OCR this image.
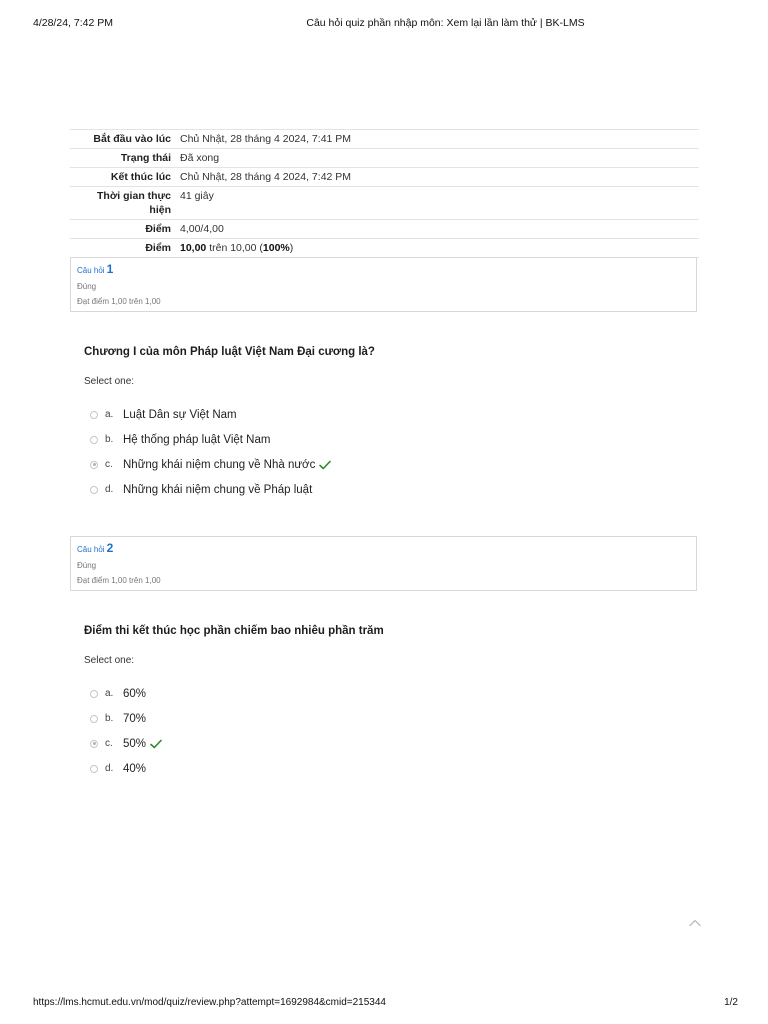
4/28/24, 7:42 PM	Câu hỏi quiz phần nhập môn: Xem lại lần làm thử | BK-LMS
Bắt đầu vào lúc	Chủ Nhật, 28 tháng 4 2024, 7:41 PM
Trạng thái	Đã xong
Kết thúc lúc	Chủ Nhật, 28 tháng 4 2024, 7:42 PM
Thời gian thực hiện	41 giây
Điểm	4,00/4,00
Điểm	10,00 trên 10,00 (100%)
Câu hỏi 1
Đúng
Đạt điểm 1,00 trên 1,00
Chương I của môn Pháp luật Việt Nam Đại cương là?
Select one:
a. Luật Dân sự Việt Nam
b. Hệ thống pháp luật Việt Nam
c. Những khái niệm chung về Nhà nước
d. Những khái niệm chung về Pháp luật
Câu hỏi 2
Đúng
Đạt điểm 1,00 trên 1,00
Điểm thi kết thúc học phần chiếm bao nhiêu phần trăm
Select one:
a. 60%
b. 70%
c. 50%
d. 40%
https://lms.hcmut.edu.vn/mod/quiz/review.php?attempt=1692984&cmid=215344	1/2
